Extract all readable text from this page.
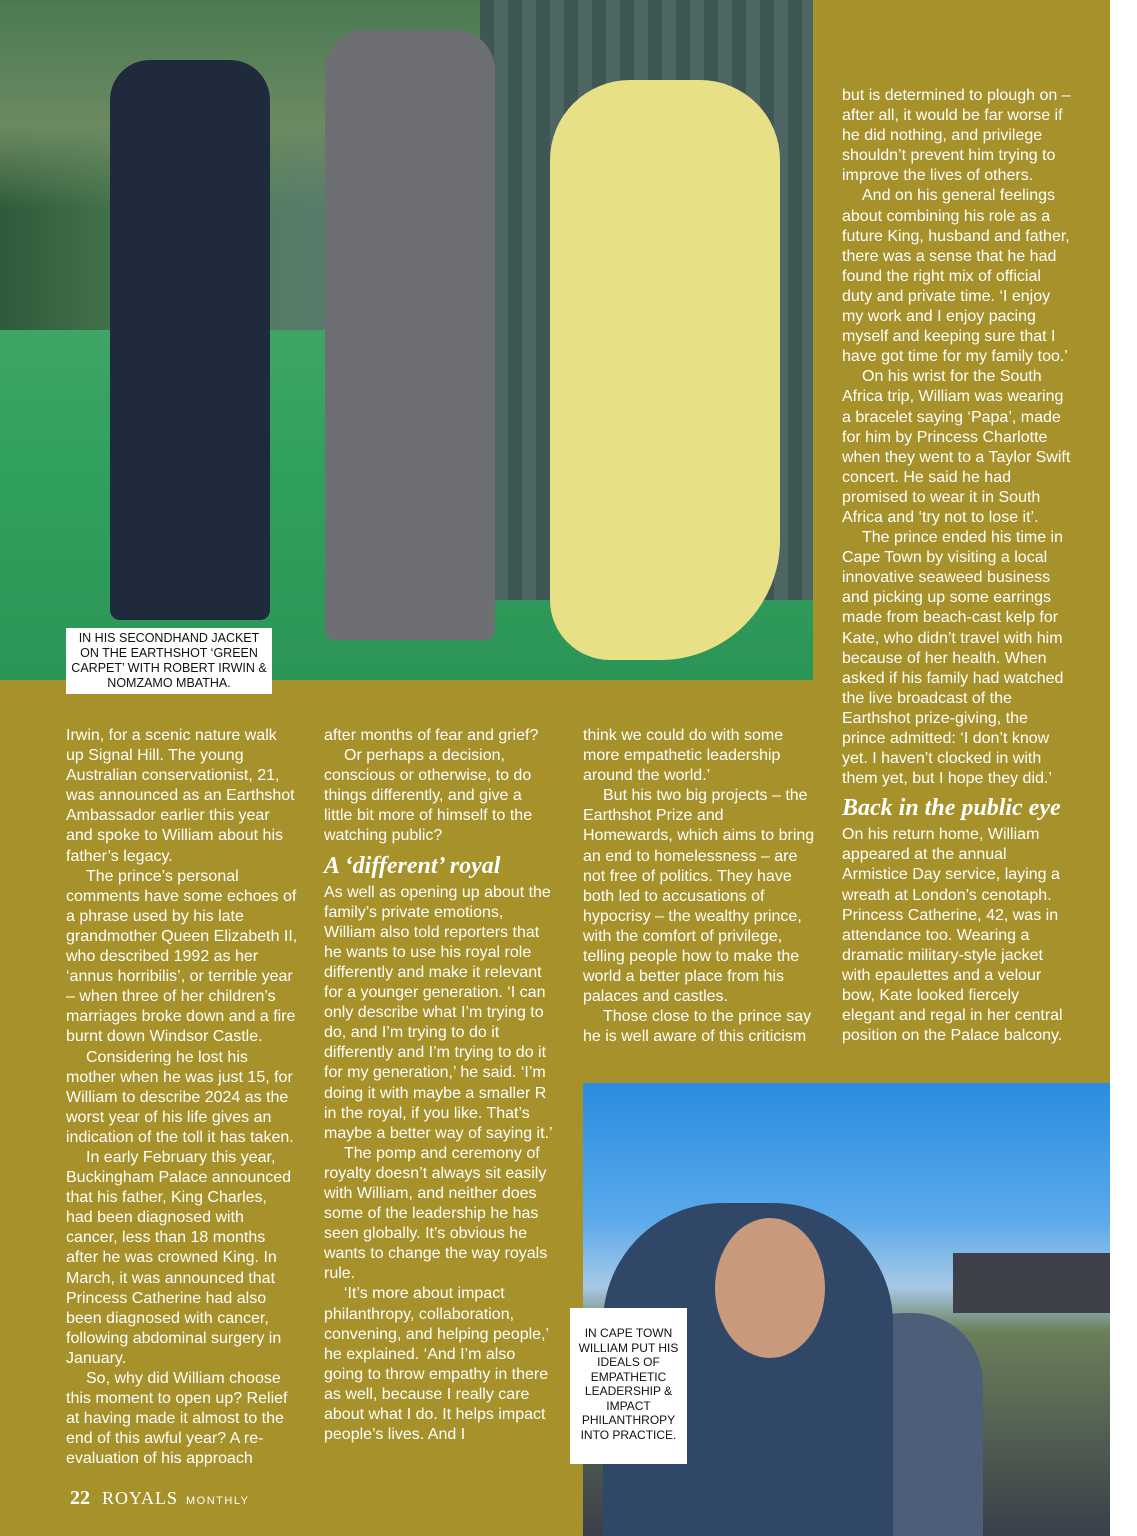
IN HIS SECONDHAND JACKET ON THE EARTHSHOT ‘GREEN CARPET’ WITH ROBERT IRWIN & NOMZAMO MBATHA.

Irwin, for a scenic nature walk up Signal Hill. The young Australian conservationist, 21, was announced as an Earthshot Ambassador earlier this year and spoke to William about his father’s legacy.

The prince’s personal comments have some echoes of a phrase used by his late grandmother Queen Elizabeth II, who described 1992 as her ‘annus horribilis’, or terrible year – when three of her children’s marriages broke down and a fire burnt down Windsor Castle.

Considering he lost his mother when he was just 15, for William to describe 2024 as the worst year of his life gives an indication of the toll it has taken.

In early February this year, Buckingham Palace announced that his father, King Charles, had been diagnosed with cancer, less than 18 months after he was crowned King. In March, it was announced that Princess Catherine had also been diagnosed with cancer, following abdominal surgery in January.

So, why did William choose this moment to open up? Relief at having made it almost to the end of this awful year? A re-evaluation of his approach

after months of fear and grief?

Or perhaps a decision, conscious or otherwise, to do things differently, and give a little bit more of himself to the watching public?

A ‘different’ royal

As well as opening up about the family’s private emotions, William also told reporters that he wants to use his royal role differently and make it relevant for a younger generation. ‘I can only describe what I’m trying to do, and I’m trying to do it differently and I’m trying to do it for my generation,’ he said. ‘I’m doing it with maybe a smaller R in the royal, if you like. That’s maybe a better way of saying it.’

The pomp and ceremony of royalty doesn’t always sit easily with William, and neither does some of the leadership he has seen globally. It’s obvious he wants to change the way royals rule.

‘It’s more about impact philanthropy, collaboration, convening, and helping people,’ he explained. ‘And I’m also going to throw empathy in there as well, because I really care about what I do. It helps impact people’s lives. And I

think we could do with some more empathetic leadership around the world.’

But his two big projects – the Earthshot Prize and Homewards, which aims to bring an end to homelessness – are not free of politics. They have both led to accusations of hypocrisy – the wealthy prince, with the comfort of privilege, telling people how to make the world a better place from his palaces and castles.

Those close to the prince say he is well aware of this criticism

but is determined to plough on – after all, it would be far worse if he did nothing, and privilege shouldn’t prevent him trying to improve the lives of others.

And on his general feelings about combining his role as a future King, husband and father, there was a sense that he had found the right mix of official duty and private time. ‘I enjoy my work and I enjoy pacing myself and keeping sure that I have got time for my family too.’

On his wrist for the South Africa trip, William was wearing a bracelet saying ‘Papa’, made for him by Princess Charlotte when they went to a Taylor Swift concert. He said he had promised to wear it in South Africa and ‘try not to lose it’.

The prince ended his time in Cape Town by visiting a local innovative seaweed business and picking up some earrings made from beach-cast kelp for Kate, who didn’t travel with him because of her health. When asked if his family had watched the live broadcast of the Earthshot prize-giving, the prince admitted: ‘I don’t know yet. I haven’t clocked in with them yet, but I hope they did.’

Back in the public eye

On his return home, William appeared at the annual Armistice Day service, laying a wreath at London’s cenotaph. Princess Catherine, 42, was in attendance too. Wearing a dramatic military-style jacket with epaulettes and a velour bow, Kate looked fiercely elegant and regal in her central position on the Palace balcony.

IN CAPE TOWN WILLIAM PUT HIS IDEALS OF EMPATHETIC LEADERSHIP & IMPACT PHILANTHROPY INTO PRACTICE.
22 ROYALS MONTHLY
